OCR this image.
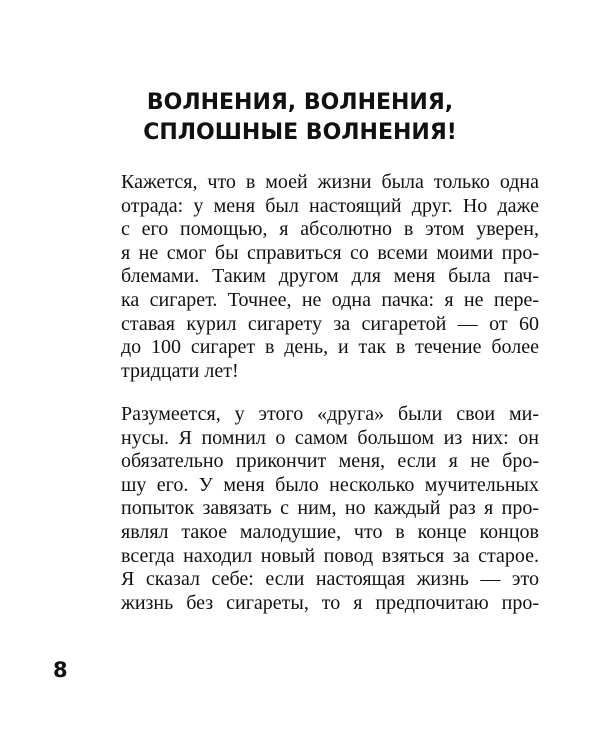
ВОЛНЕНИЯ, ВОЛНЕНИЯ,
СПЛОШНЫЕ ВОЛНЕНИЯ!
Кажется, что в моей жизни была только одна
отрада: у меня был настоящий друг. Но даже
с его помощью, я абсолютно в этом уверен,
я не смог бы справиться со всеми моими про-
блемами. Таким другом для меня была пач-
ка сигарет. Точнее, не одна пачка: я не пере-
ставая курил сигарету за сигаретой — от 60
до 100 сигарет в день, и так в течение более
тридцати лет!
Разумеется, у этого «друга» были свои ми-
нусы. Я помнил о самом большом из них: он
обязательно прикончит меня, если я не бро-
шу его. У меня было несколько мучительных
попыток завязать с ним, но каждый раз я про-
являл такое малодушие, что в конце концов
всегда находил новый повод взяться за старое.
Я сказал себе: если настоящая жизнь — это
жизнь без сигареты, то я предпочитаю про-
8
